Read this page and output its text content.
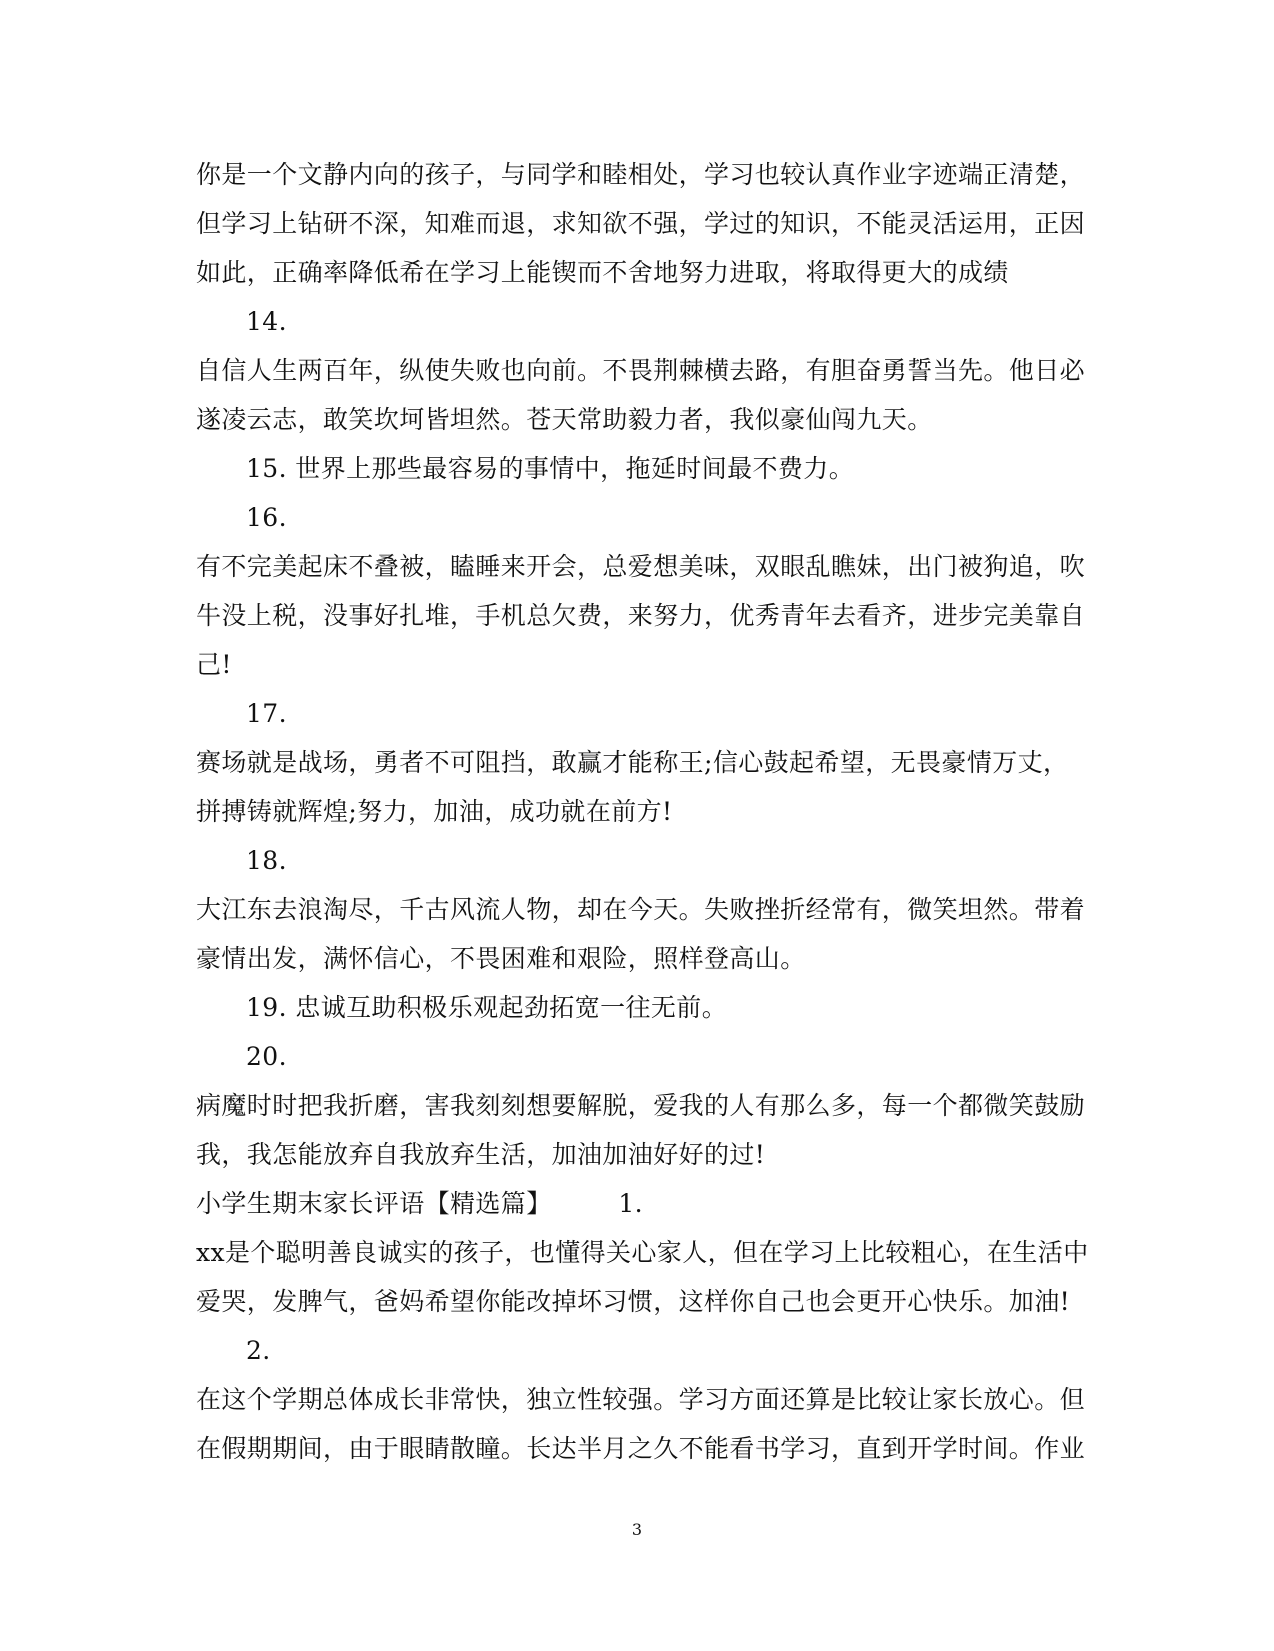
你是一个文静内向的孩子，与同学和睦相处，学习也较认真作业字迹端正清楚，
但学习上钻研不深，知难而退，求知欲不强，学过的知识，不能灵活运用，正因
如此，正确率降低希在学习上能锲而不舍地努力进取，将取得更大的成绩
14.
自信人生两百年，纵使失败也向前。不畏荆棘横去路，有胆奋勇誓当先。他日必
遂凌云志，敢笑坎坷皆坦然。苍天常助毅力者，我似豪仙闯九天。
15. 世界上那些最容易的事情中，拖延时间最不费力。
16.
有不完美起床不叠被，瞌睡来开会，总爱想美味，双眼乱瞧妹，出门被狗追，吹
牛没上税，没事好扎堆，手机总欠费，来努力，优秀青年去看齐，进步完美靠自
己!
17.
赛场就是战场，勇者不可阻挡，敢赢才能称王;信心鼓起希望，无畏豪情万丈，
拼搏铸就辉煌;努力，加油，成功就在前方!
18.
大江东去浪淘尽，千古风流人物，却在今天。失败挫折经常有，微笑坦然。带着
豪情出发，满怀信心，不畏困难和艰险，照样登高山。
19. 忠诚互助积极乐观起劲拓宽一往无前。
20.
病魔时时把我折磨，害我刻刻想要解脱，爱我的人有那么多，每一个都微笑鼓励
我，我怎能放弃自我放弃生活，加油加油好好的过!
小学生期末家长评语【精选篇】        1.
xx是个聪明善良诚实的孩子，也懂得关心家人，但在学习上比较粗心，在生活中
爱哭，发脾气，爸妈希望你能改掉坏习惯，这样你自己也会更开心快乐。加油!
2.
在这个学期总体成长非常快，独立性较强。学习方面还算是比较让家长放心。但
在假期期间，由于眼睛散瞳。长达半月之久不能看书学习，直到开学时间。作业
3
